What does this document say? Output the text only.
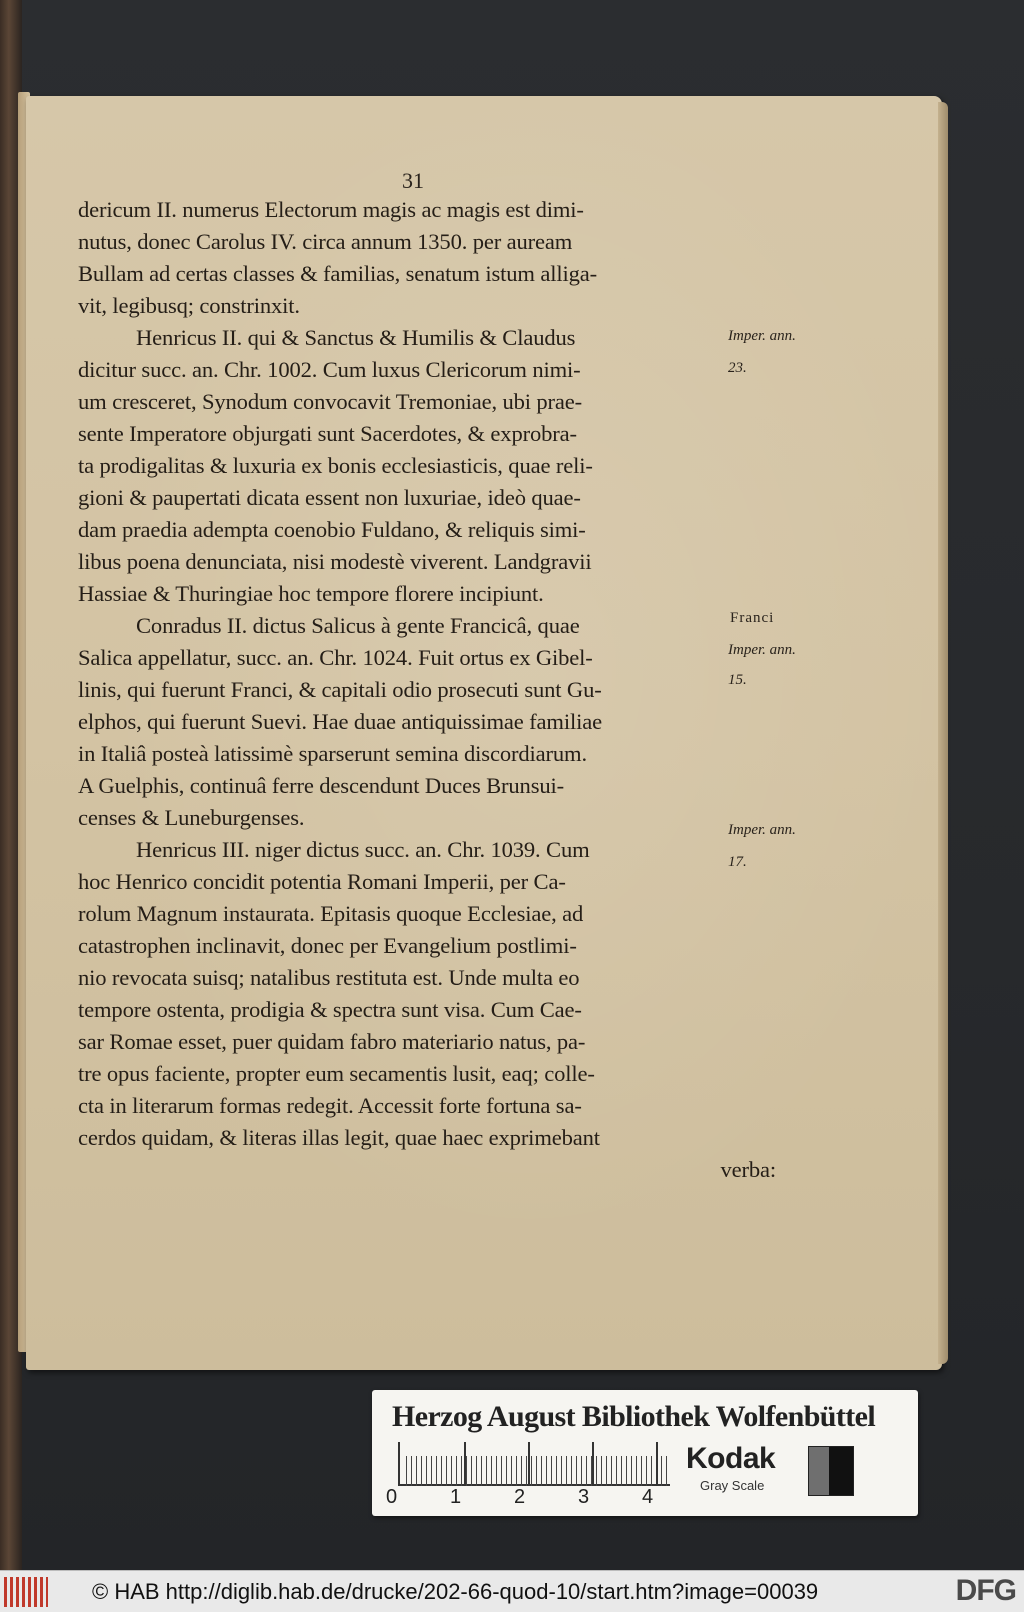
31
dericum II. numerus Electorum magis ac magis est dimi-
nutus, donec Carolus IV. circa annum 1350. per auream
Bullam ad certas classes & familias, senatum istum alliga-
vit, legibusq; constrinxit.
Henricus II. qui & Sanctus & Humilis & Claudus
dicitur succ. an. Chr. 1002. Cum luxus Clericorum nimi-
um cresceret, Synodum convocavit Tremoniae, ubi prae-
sente Imperatore objurgati sunt Sacerdotes, & exprobra-
ta prodigalitas & luxuria ex bonis ecclesiasticis, quae reli-
gioni & paupertati dicata essent non luxuriae, ideò quae-
dam praedia adempta coenobio Fuldano, & reliquis simi-
libus poena denunciata, nisi modestè viverent. Landgravii
Hassiae & Thuringiae hoc tempore florere incipiunt.
Conradus II. dictus Salicus à gente Francicâ, quae
Salica appellatur, succ. an. Chr. 1024. Fuit ortus ex Gibel-
linis, qui fuerunt Franci, & capitali odio prosecuti sunt Gu-
elphos, qui fuerunt Suevi. Hae duae antiquissimae familiae
in Italiâ posteà latissimè sparserunt semina discordiarum.
A Guelphis, continuâ ferre descendunt Duces Brunsui-
censes & Luneburgenses.
Henricus III. niger dictus succ. an. Chr. 1039. Cum
hoc Henrico concidit potentia Romani Imperii, per Ca-
rolum Magnum instaurata. Epitasis quoque Ecclesiae, ad
catastrophen inclinavit, donec per Evangelium postlimi-
nio revocata suisq; natalibus restituta est. Unde multa eo
tempore ostenta, prodigia & spectra sunt visa. Cum Cae-
sar Romae esset, puer quidam fabro materiario natus, pa-
tre opus faciente, propter eum secamentis lusit, eaq; colle-
cta in literarum formas redegit. Accessit forte fortuna sa-
cerdos quidam, & literas illas legit, quae haec exprimebant
verba:
Imper. ann.
23.
Franci
Imper. ann.
15.
Imper. ann.
17.
Herzog August Bibliothek Wolfenbüttel
0	1	2	3	4
Kodak
Gray Scale
© HAB http://diglib.hab.de/drucke/202-66-quod-10/start.htm?image=00039	DFG
